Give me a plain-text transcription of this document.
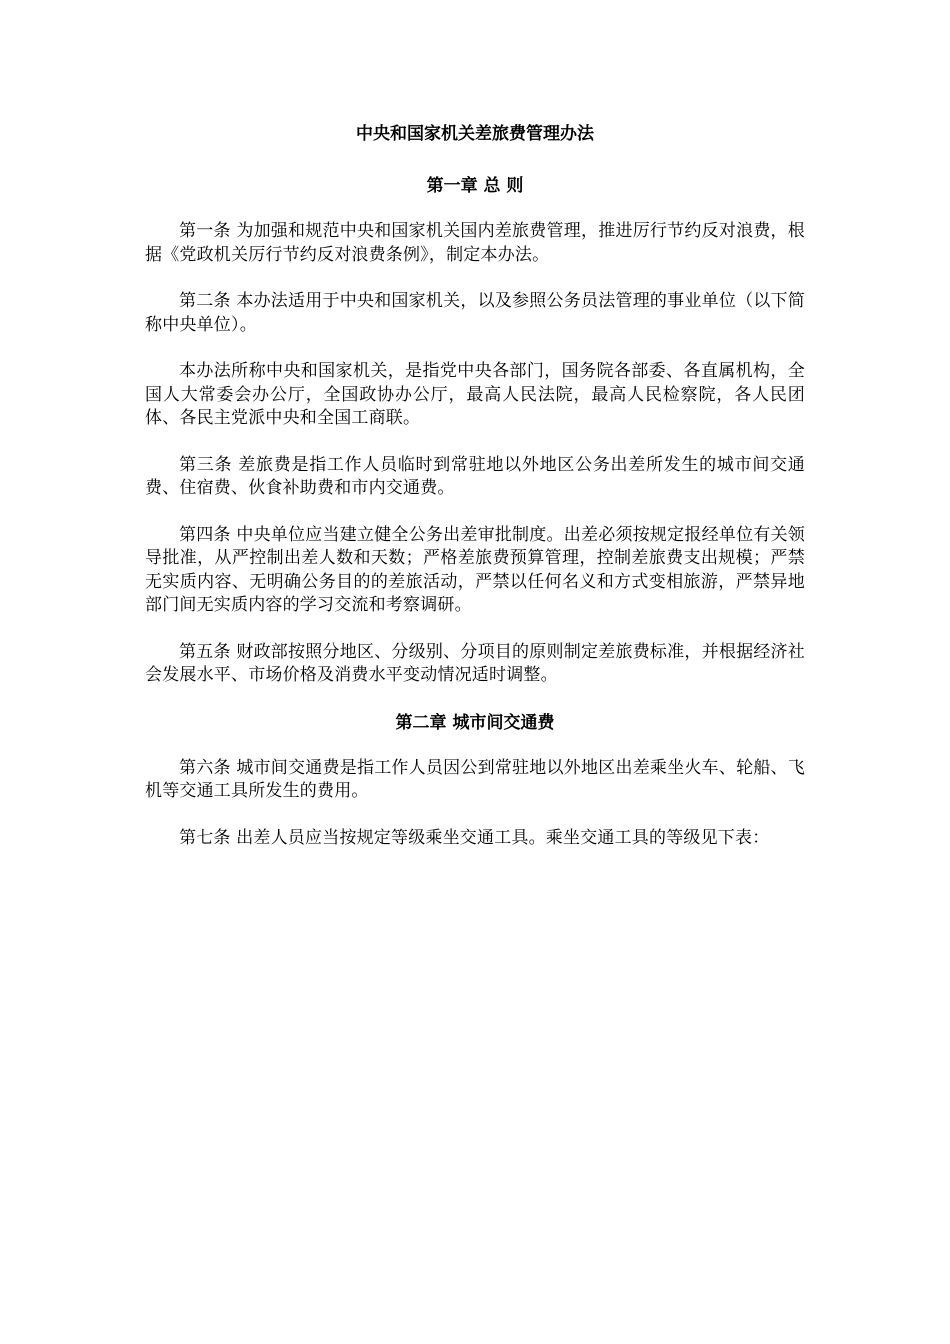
中央和国家机关差旅费管理办法
第一章 总 则

第一条 为加强和规范中央和国家机关国内差旅费管理，推进厉行节约反对浪费，根据《党政机关厉行节约反对浪费条例》，制定本办法。

第二条 本办法适用于中央和国家机关，以及参照公务员法管理的事业单位（以下简称中央单位）。

本办法所称中央和国家机关，是指党中央各部门，国务院各部委、各直属机构，全国人大常委会办公厅，全国政协办公厅，最高人民法院，最高人民检察院，各人民团体、各民主党派中央和全国工商联。

第三条 差旅费是指工作人员临时到常驻地以外地区公务出差所发生的城市间交通费、住宿费、伙食补助费和市内交通费。

第四条 中央单位应当建立健全公务出差审批制度。出差必须按规定报经单位有关领导批准，从严控制出差人数和天数；严格差旅费预算管理，控制差旅费支出规模；严禁无实质内容、无明确公务目的的差旅活动，严禁以任何名义和方式变相旅游，严禁异地部门间无实质内容的学习交流和考察调研。

第五条 财政部按照分地区、分级别、分项目的原则制定差旅费标准，并根据经济社会发展水平、市场价格及消费水平变动情况适时调整。

第二章 城市间交通费

第六条 城市间交通费是指工作人员因公到常驻地以外地区出差乘坐火车、轮船、飞机等交通工具所发生的费用。

第七条 出差人员应当按规定等级乘坐交通工具。乘坐交通工具的等级见下表：
